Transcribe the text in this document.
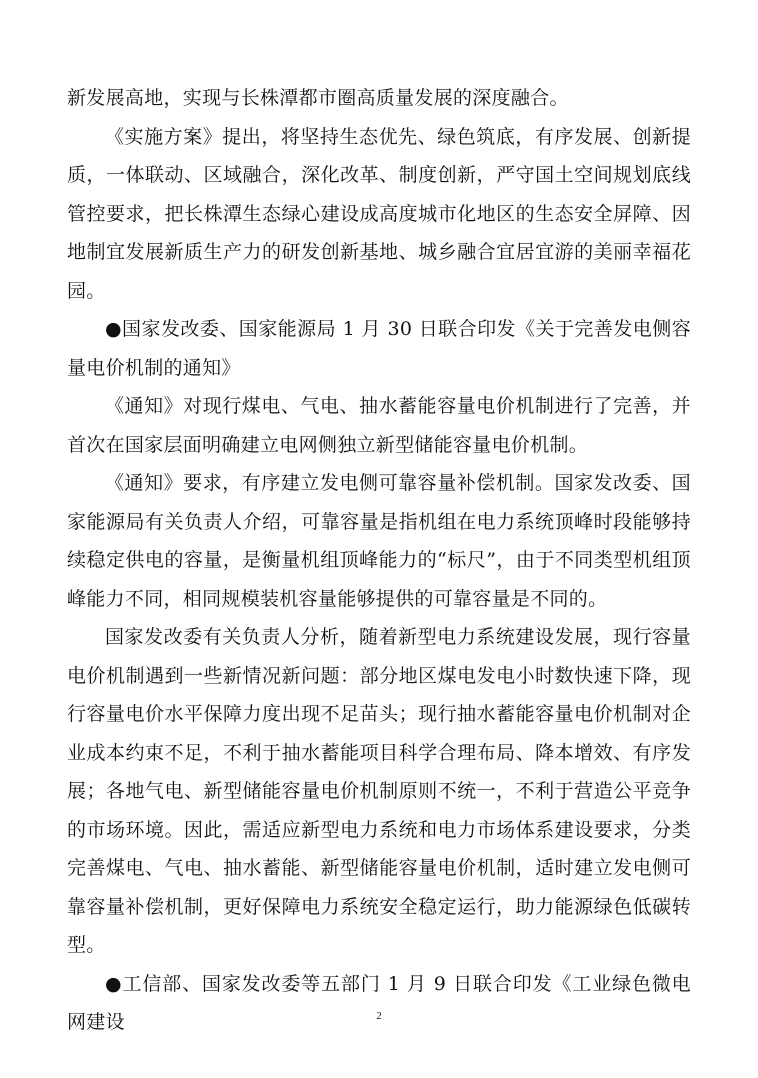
新发展高地，实现与长株潭都市圈高质量发展的深度融合。

《实施方案》提出，将坚持生态优先、绿色筑底，有序发展、创新提质，一体联动、区域融合，深化改革、制度创新，严守国土空间规划底线管控要求，把长株潭生态绿心建设成高度城市化地区的生态安全屏障、因地制宜发展新质生产力的研发创新基地、城乡融合宜居宜游的美丽幸福花园。

●国家发改委、国家能源局 1 月 30 日联合印发《关于完善发电侧容量电价机制的通知》

《通知》对现行煤电、气电、抽水蓄能容量电价机制进行了完善，并首次在国家层面明确建立电网侧独立新型储能容量电价机制。

《通知》要求，有序建立发电侧可靠容量补偿机制。国家发改委、国家能源局有关负责人介绍，可靠容量是指机组在电力系统顶峰时段能够持续稳定供电的容量，是衡量机组顶峰能力的“标尺”，由于不同类型机组顶峰能力不同，相同规模装机容量能够提供的可靠容量是不同的。

国家发改委有关负责人分析，随着新型电力系统建设发展，现行容量电价机制遇到一些新情况新问题：部分地区煤电发电小时数快速下降，现行容量电价水平保障力度出现不足苗头；现行抽水蓄能容量电价机制对企业成本约束不足，不利于抽水蓄能项目科学合理布局、降本增效、有序发展；各地气电、新型储能容量电价机制原则不统一，不利于营造公平竞争的市场环境。因此，需适应新型电力系统和电力市场体系建设要求，分类完善煤电、气电、抽水蓄能、新型储能容量电价机制，适时建立发电侧可靠容量补偿机制，更好保障电力系统安全稳定运行，助力能源绿色低碳转型。

●工信部、国家发改委等五部门 1 月 9 日联合印发《工业绿色微电网建设	2
